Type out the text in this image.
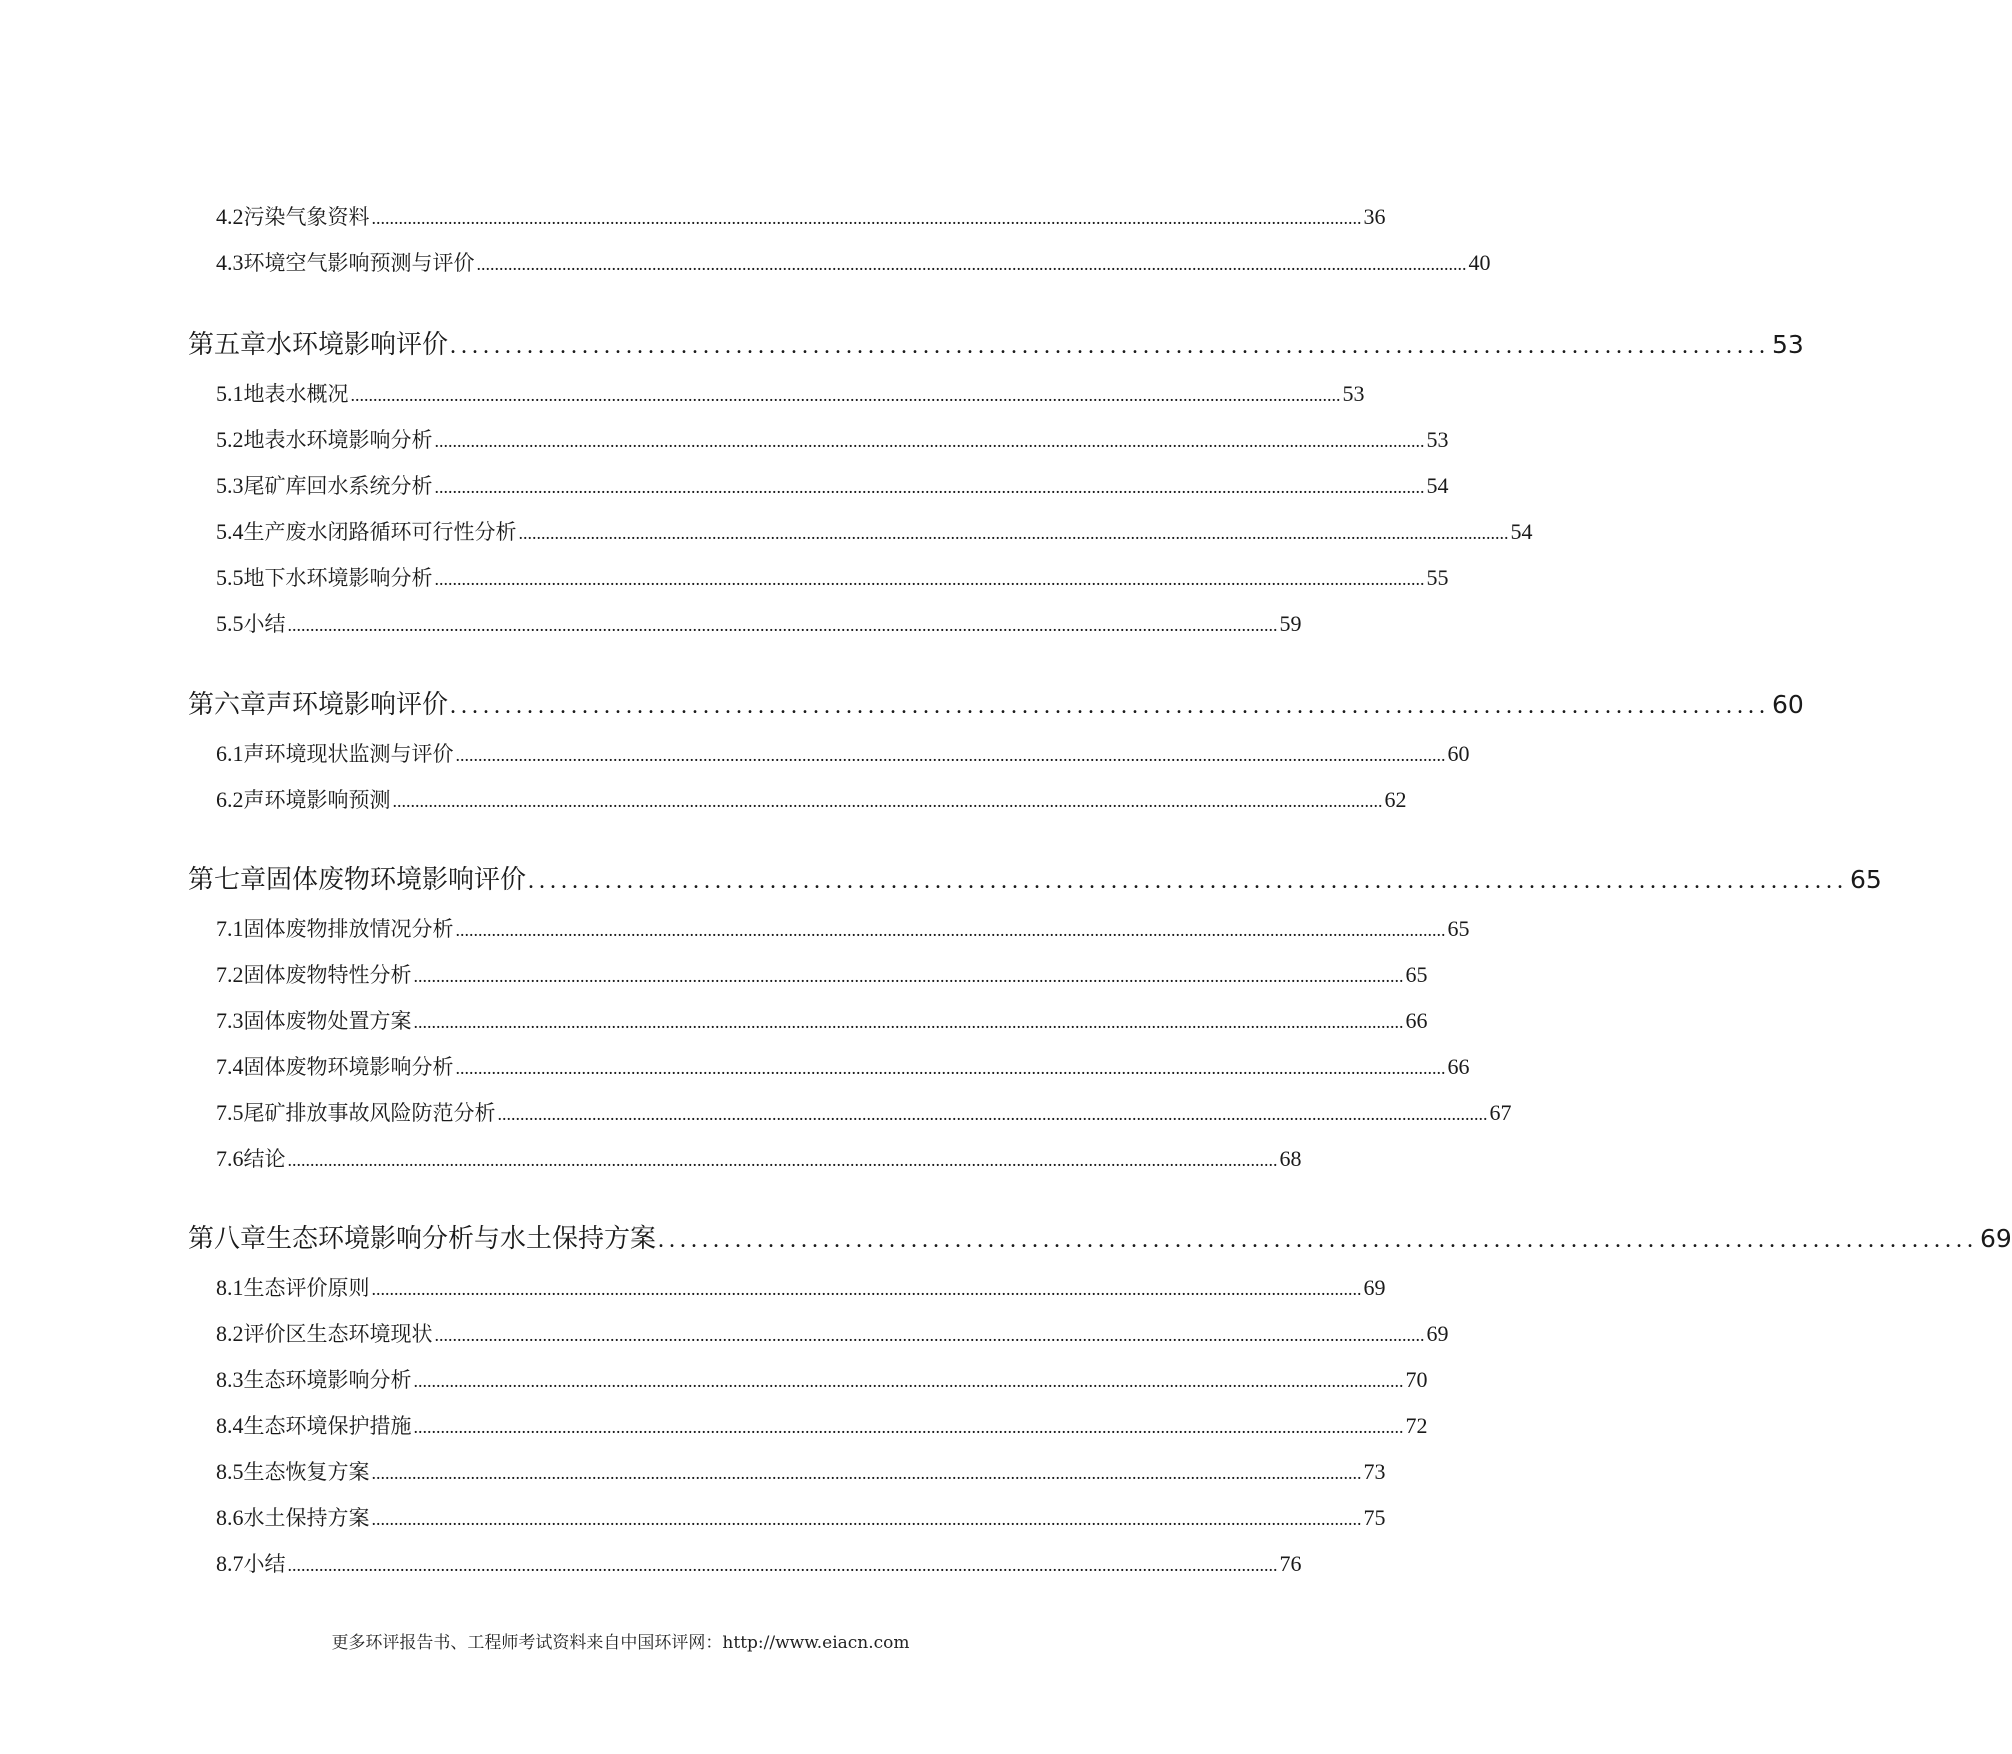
4.2 污染气象资料 ............................................................................................................................................................................................................................ 36
4.3 环境空气影响预测与评价 ............................................................................................................................................................................................................................ 40
第五章 水环境影响评价 ........................................................................................................................ 53
5.1 地表水概况 ............................................................................................................................................................................................................................ 53
5.2 地表水环境影响分析 ............................................................................................................................................................................................................................ 53
5.3 尾矿库回水系统分析 ............................................................................................................................................................................................................................ 54
5.4 生产废水闭路循环可行性分析 ............................................................................................................................................................................................................................ 54
5.5 地下水环境影响分析 ............................................................................................................................................................................................................................ 55
5.5 小结 ............................................................................................................................................................................................................................ 59
第六章 声环境影响评价 ........................................................................................................................ 60
6.1 声环境现状监测与评价 ............................................................................................................................................................................................................................ 60
6.2 声环境影响预测 ............................................................................................................................................................................................................................ 62
第七章 固体废物环境影响评价 ........................................................................................................................ 65
7.1 固体废物排放情况分析 ............................................................................................................................................................................................................................ 65
7.2 固体废物特性分析 ............................................................................................................................................................................................................................ 65
7.3 固体废物处置方案 ............................................................................................................................................................................................................................ 66
7.4 固体废物环境影响分析 ............................................................................................................................................................................................................................ 66
7.5 尾矿排放事故风险防范分析 ............................................................................................................................................................................................................................ 67
7.6 结论 ............................................................................................................................................................................................................................ 68
第八章 生态环境影响分析与水土保持方案 ........................................................................................................................ 69
8.1 生态评价原则 ............................................................................................................................................................................................................................ 69
8.2 评价区生态环境现状 ............................................................................................................................................................................................................................ 69
8.3 生态环境影响分析 ............................................................................................................................................................................................................................ 70
8.4 生态环境保护措施 ............................................................................................................................................................................................................................ 72
8.5 生态恢复方案 ............................................................................................................................................................................................................................ 73
8.6 水土保持方案 ............................................................................................................................................................................................................................ 75
8.7 小结 ............................................................................................................................................................................................................................ 76
更多环评报告书、工程师考试资料来自中国环评网：http://www.eiacn.com
